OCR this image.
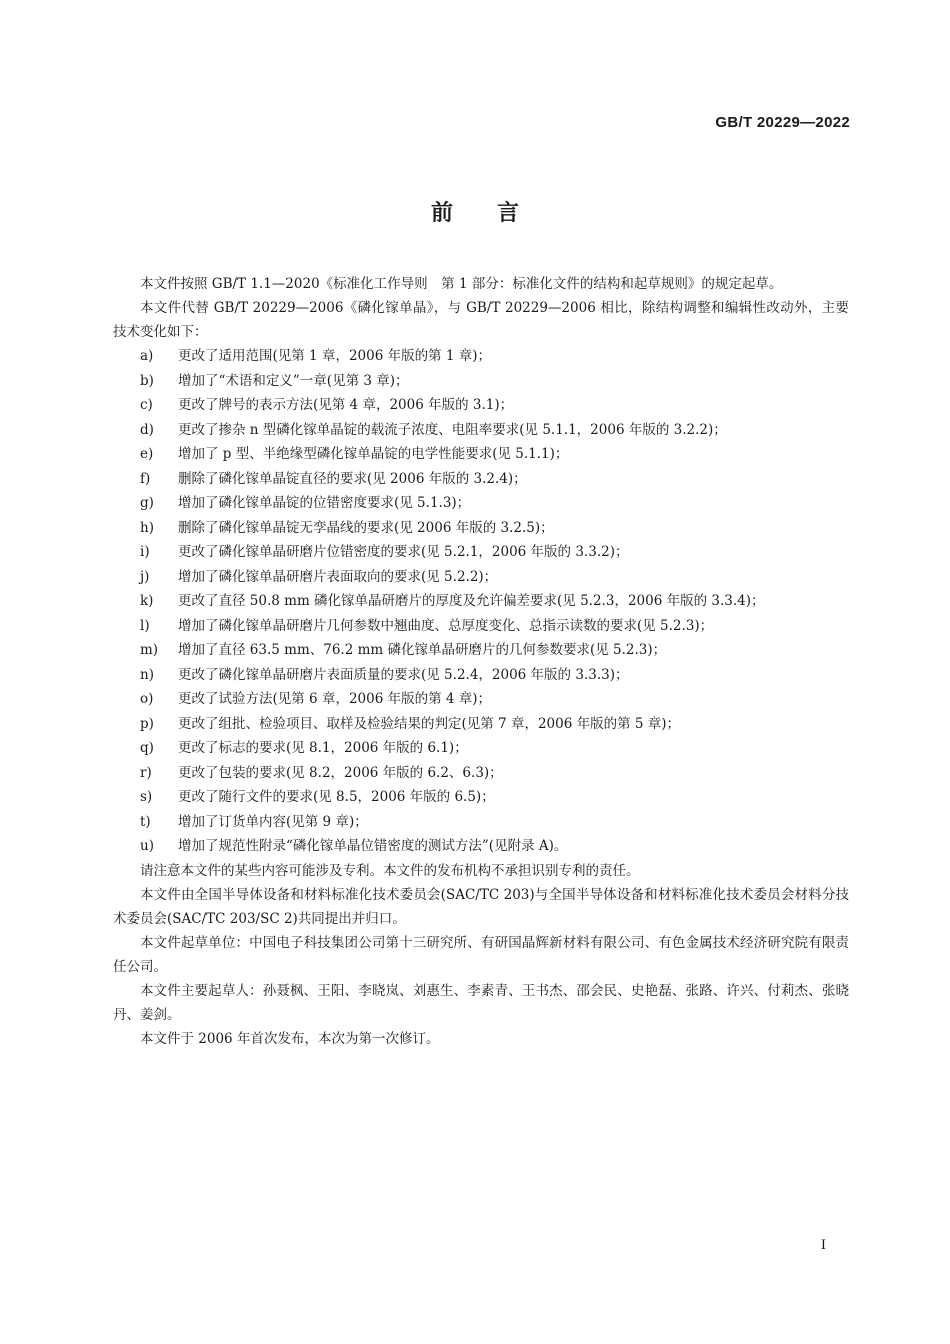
GB/T 20229—2022
前言
本文件按照 GB/T 1.1—2020《标准化工作导则　第 1 部分：标准化文件的结构和起草规则》的规定起草。
本文件代替 GB/T 20229—2006《磷化镓单晶》，与 GB/T 20229—2006 相比，除结构调整和编辑性改动外，主要技术变化如下：
a) 更改了适用范围(见第 1 章，2006 年版的第 1 章)；
b) 增加了“术语和定义”一章(见第 3 章)；
c) 更改了牌号的表示方法(见第 4 章，2006 年版的 3.1)；
d) 更改了掺杂 n 型磷化镓单晶锭的载流子浓度、电阻率要求(见 5.1.1，2006 年版的 3.2.2)；
e) 增加了 p 型、半绝缘型磷化镓单晶锭的电学性能要求(见 5.1.1)；
f) 删除了磷化镓单晶锭直径的要求(见 2006 年版的 3.2.4)；
g) 增加了磷化镓单晶锭的位错密度要求(见 5.1.3)；
h) 删除了磷化镓单晶锭无孪晶线的要求(见 2006 年版的 3.2.5)；
i) 更改了磷化镓单晶研磨片位错密度的要求(见 5.2.1，2006 年版的 3.3.2)；
j) 增加了磷化镓单晶研磨片表面取向的要求(见 5.2.2)；
k) 更改了直径 50.8 mm 磷化镓单晶研磨片的厚度及允许偏差要求(见 5.2.3，2006 年版的 3.3.4)；
l) 增加了磷化镓单晶研磨片几何参数中翘曲度、总厚度变化、总指示读数的要求(见 5.2.3)；
m) 增加了直径 63.5 mm、76.2 mm 磷化镓单晶研磨片的几何参数要求(见 5.2.3)；
n) 更改了磷化镓单晶研磨片表面质量的要求(见 5.2.4，2006 年版的 3.3.3)；
o) 更改了试验方法(见第 6 章，2006 年版的第 4 章)；
p) 更改了组批、检验项目、取样及检验结果的判定(见第 7 章，2006 年版的第 5 章)；
q) 更改了标志的要求(见 8.1，2006 年版的 6.1)；
r) 更改了包装的要求(见 8.2，2006 年版的 6.2、6.3)；
s) 更改了随行文件的要求(见 8.5，2006 年版的 6.5)；
t) 增加了订货单内容(见第 9 章)；
u) 增加了规范性附录“磷化镓单晶位错密度的测试方法”(见附录 A)。
请注意本文件的某些内容可能涉及专利。本文件的发布机构不承担识别专利的责任。
本文件由全国半导体设备和材料标准化技术委员会(SAC/TC 203)与全国半导体设备和材料标准化技术委员会材料分技术委员会(SAC/TC 203/SC 2)共同提出并归口。
本文件起草单位：中国电子科技集团公司第十三研究所、有研国晶辉新材料有限公司、有色金属技术经济研究院有限责任公司。
本文件主要起草人：孙聂枫、王阳、李晓岚、刘惠生、李素青、王书杰、邵会民、史艳磊、张路、许兴、付莉杰、张晓丹、姜剑。
本文件于 2006 年首次发布，本次为第一次修订。
I
